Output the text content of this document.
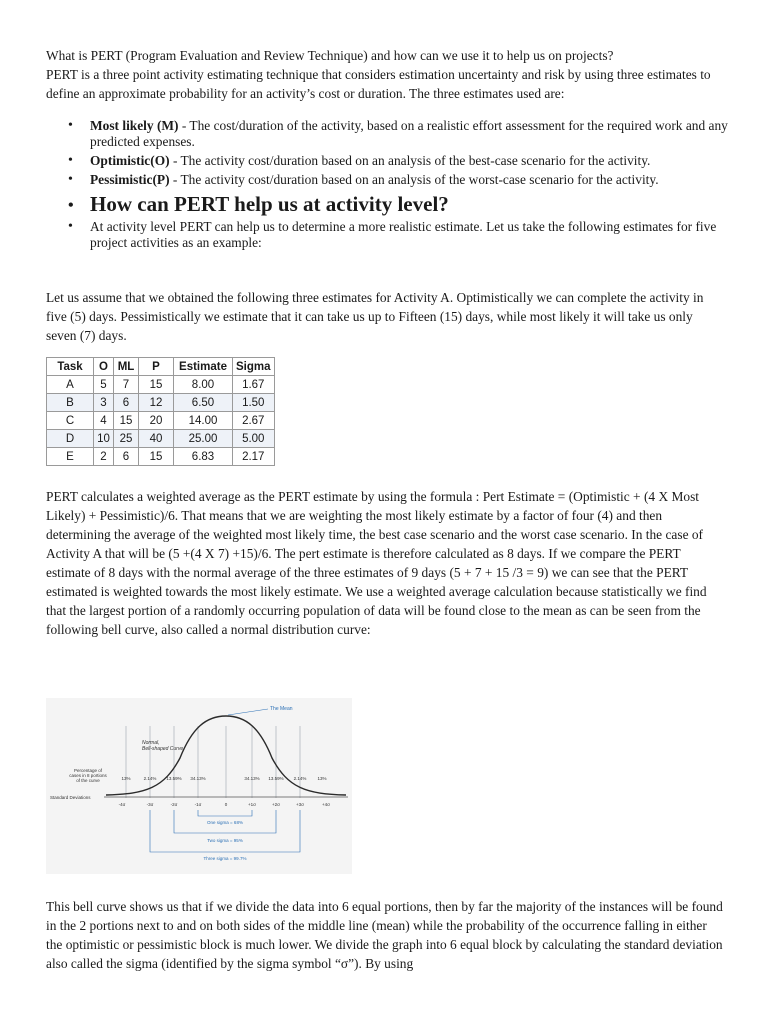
What is PERT (Program Evaluation and Review Technique) and how can we use it to help us on projects?
PERT is a three point activity estimating technique that considers estimation uncertainty and risk by using three estimates to define an approximate probability for an activity’s cost or duration. The three estimates used are:

• Most likely (M) - The cost/duration of the activity, based on a realistic effort assessment for the required work and any predicted expenses.
• Optimistic(O) - The activity cost/duration based on an analysis of the best-case scenario for the activity.
• Pessimistic(P) - The activity cost/duration based on an analysis of the worst-case scenario for the activity.
• How can PERT help us at activity level?
• At activity level PERT can help us to determine a more realistic estimate. Let us take the following estimates for five project activities as an example:

Let us assume that we obtained the following three estimates for Activity A. Optimistically we can complete the activity in five (5) days. Pessimistically we estimate that it can take us up to Fifteen (15) days, while most likely it will take us only seven (7) days.

Task	O	ML	P	Estimate	Sigma
A	5	7	15	8.00	1.67
B	3	6	12	6.50	1.50
C	4	15	20	14.00	2.67
D	10	25	40	25.00	5.00
E	2	6	15	6.83	2.17

PERT calculates a weighted average as the PERT estimate by using the formula : Pert Estimate = (Optimistic + (4 X Most Likely) + Pessimistic)/6. That means that we are weighting the most likely estimate by a factor of four (4) and then determining the average of the weighted most likely time, the best case scenario and the worst case scenario. In the case of Activity A that will be (5 +(4 X 7) +15)/6. The pert estimate is therefore calculated as 8 days. If we compare the PERT estimate of 8 days with the normal average of the three estimates of 9 days (5 + 7 + 15 /3 = 9) we can see that the PERT estimated is weighted towards the most likely estimate. We use a weighted average calculation because statistically we find that the largest portion of a randomly occurring population of data will be found close to the mean as can be seen from the following bell curve, also called a normal distribution curve:

The Mean
Normal,
Bell-shaped Curve
Percentage of
cases in 8 portions
of the curve
Standard Deviations
13%	2.14% 13.59% 34.13%	34.13% 13.59% 2.14% 13%
-4σ	-3σ	-2σ	-1σ	0	+1σ	+2σ	+3σ	+4σ
One sigma = 68%
Two sigma = 95%
Three sigma = 99.7%

This bell curve shows us that if we divide the data into 6 equal portions, then by far the majority of the instances will be found in the 2 portions next to and on both sides of the middle line (mean) while the probability of the occurrence falling in either the optimistic or pessimistic block is much lower. We divide the graph into 6 equal block by calculating the standard deviation also called the sigma (identified by the sigma symbol “σ”). By using
